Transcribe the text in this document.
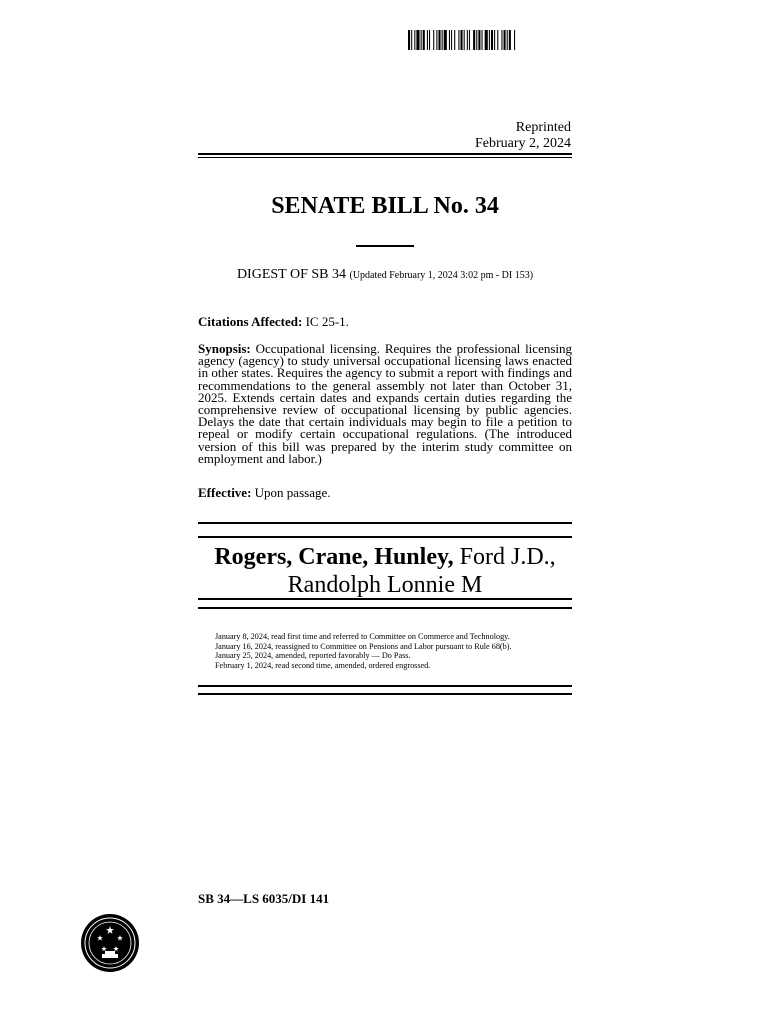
Reprinted
February 2, 2024
SENATE BILL No. 34
DIGEST OF SB 34 (Updated February 1, 2024 3:02 pm - DI 153)
Citations Affected: IC 25-1.
Synopsis: Occupational licensing. Requires the professional licensing agency (agency) to study universal occupational licensing laws enacted in other states. Requires the agency to submit a report with findings and recommendations to the general assembly not later than October 31, 2025. Extends certain dates and expands certain duties regarding the comprehensive review of occupational licensing by public agencies. Delays the date that certain individuals may begin to file a petition to repeal or modify certain occupational regulations. (The introduced version of this bill was prepared by the interim study committee on employment and labor.)
Effective: Upon passage.
Rogers, Crane, Hunley, Ford J.D.,
Randolph Lonnie M
January 8, 2024, read first time and referred to Committee on Commerce and Technology.
January 16, 2024, reassigned to Committee on Pensions and Labor pursuant to Rule 68(b).
January 25, 2024, amended, reported favorably — Do Pass.
February 1, 2024, read second time, amended, ordered engrossed.
SB 34—LS 6035/DI 141
